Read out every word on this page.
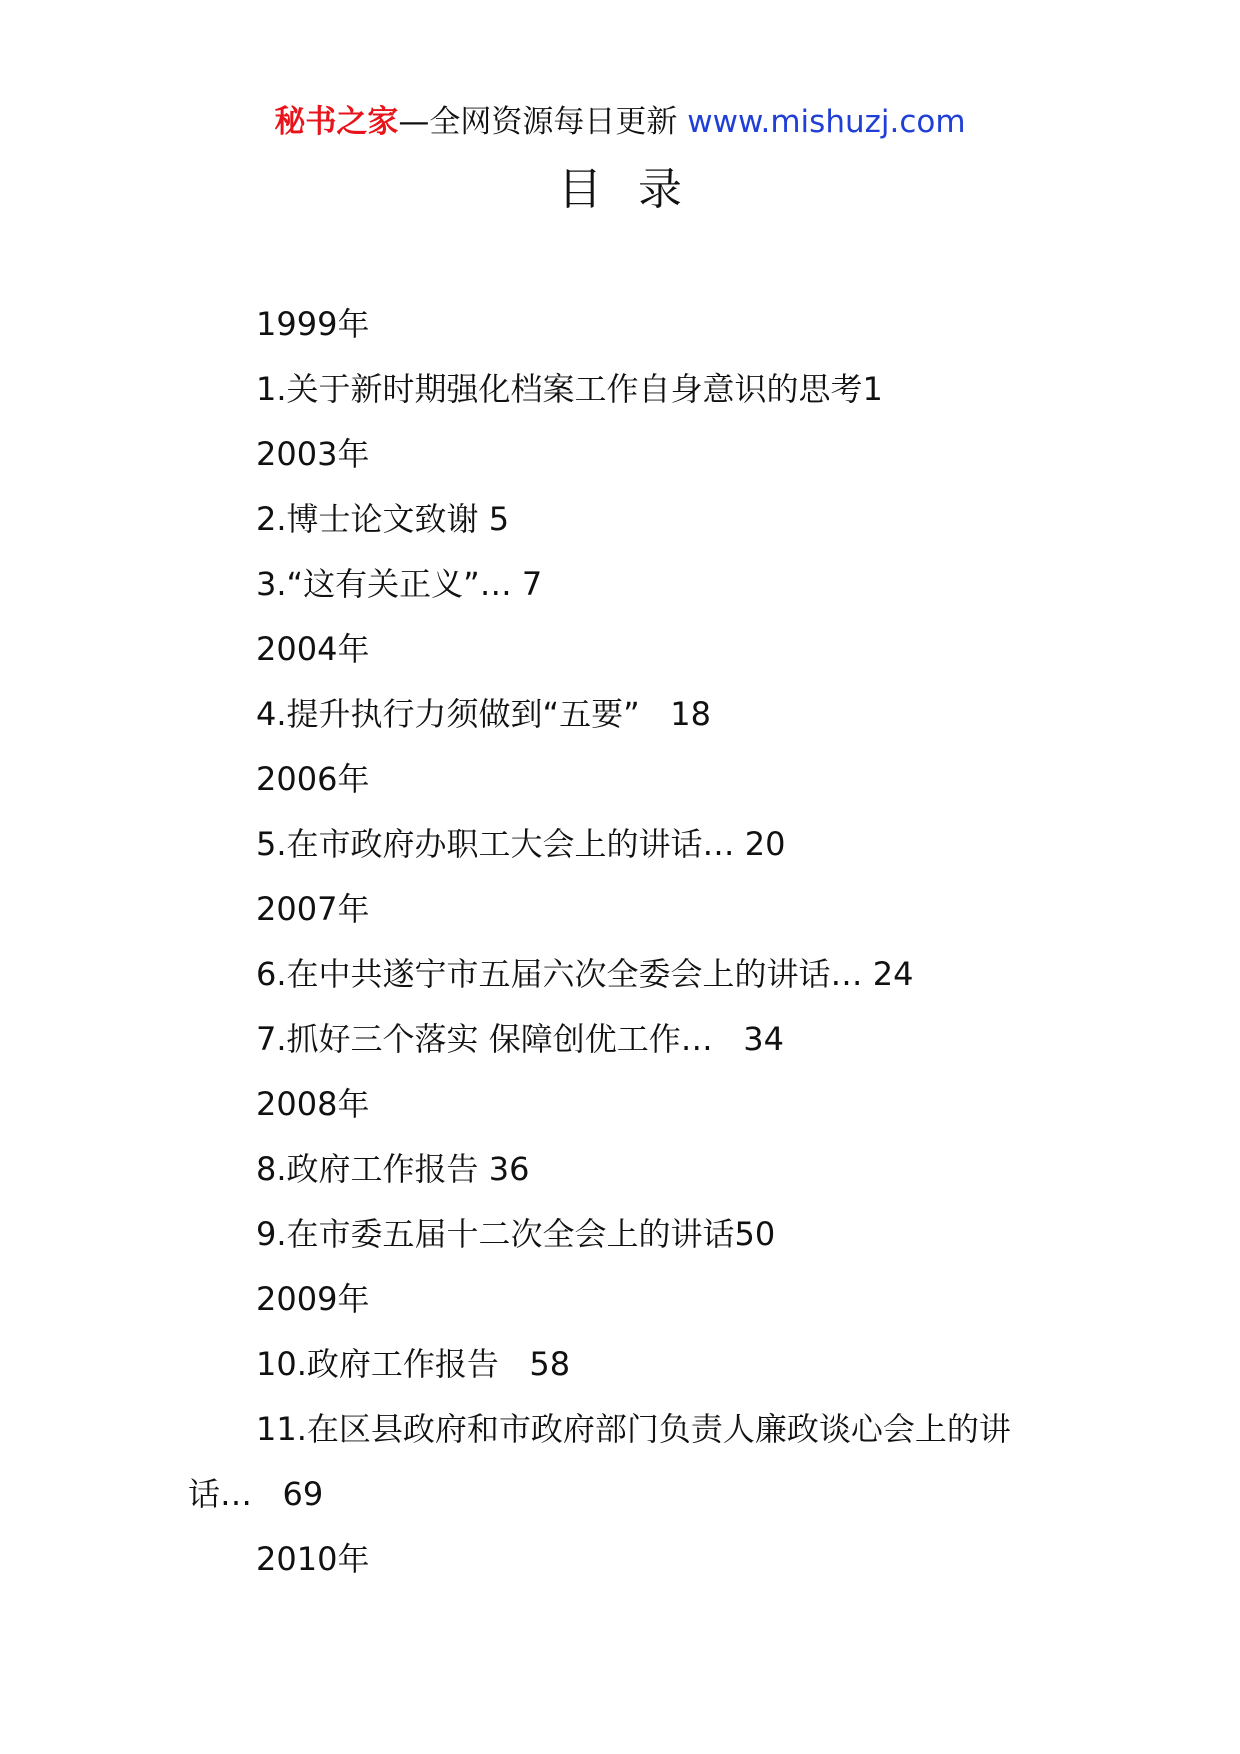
秘书之家—全网资源每日更新 www.mishuzj.com
目录
1999年
1.关于新时期强化档案工作自身意识的思考1
2003年
2.博士论文致谢 5
3.“这有关正义”… 7
2004年
4.提升执行力须做到“五要”   18
2006年
5.在市政府办职工大会上的讲话… 20
2007年
6.在中共遂宁市五届六次全委会上的讲话… 24
7.抓好三个落实 保障创优工作…   34
2008年
8.政府工作报告 36
9.在市委五届十二次全会上的讲话50
2009年
10.政府工作报告   58
11.在区县政府和市政府部门负责人廉政谈心会上的讲话…   69
2010年
